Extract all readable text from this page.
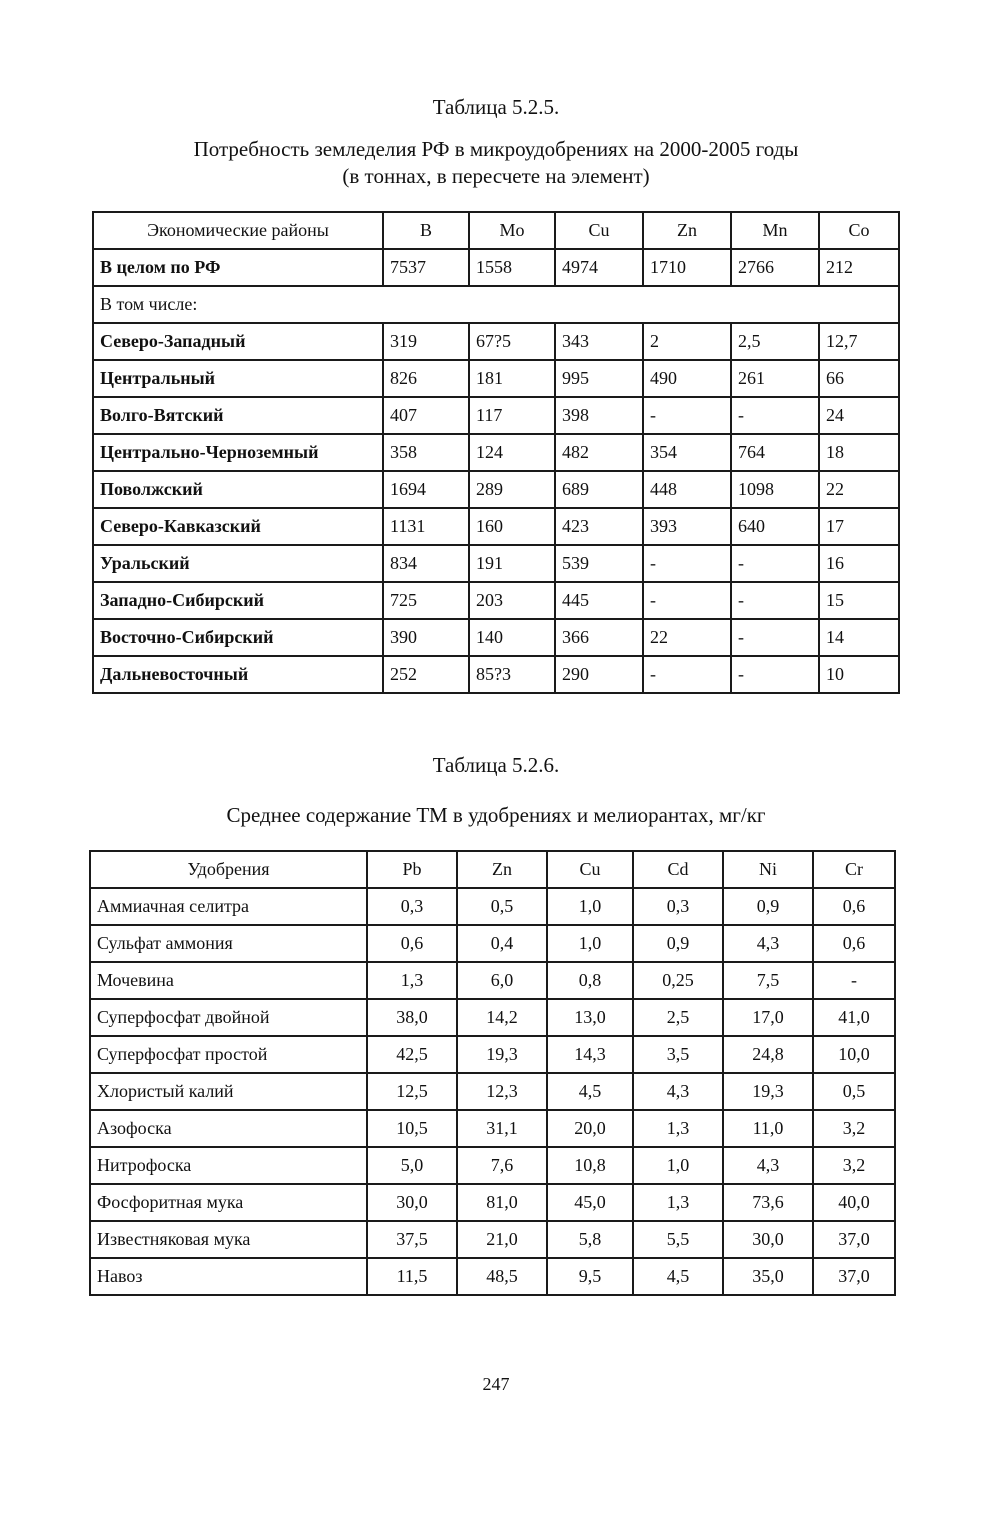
Таблица 5.2.5.
Потребность земледелия РФ в микроудобрениях на 2000-2005 годы
(в тоннах, в пересчете на элемент)
Экономические районы	B	Mo	Cu	Zn	Mn	Co
В целом по РФ	7537	1558	4974	1710	2766	212
В том числе:						
Северо-Западный	319	67?5	343	2	2,5	12,7
Центральный	826	181	995	490	261	66
Волго-Вятский	407	117	398	-	-	24
Центрально-Черноземный	358	124	482	354	764	18
Поволжский	1694	289	689	448	1098	22
Северо-Кавказский	1131	160	423	393	640	17
Уральский	834	191	539	-	-	16
Западно-Сибирский	725	203	445	-	-	15
Восточно-Сибирский	390	140	366	22	-	14
Дальневосточный	252	85?3	290	-	-	10
Таблица 5.2.6.
Среднее содержание ТМ в удобрениях и мелиорантах, мг/кг
Удобрения	Pb	Zn	Cu	Cd	Ni	Cr
Аммиачная селитра	0,3	0,5	1,0	0,3	0,9	0,6
Сульфат аммония	0,6	0,4	1,0	0,9	4,3	0,6
Мочевина	1,3	6,0	0,8	0,25	7,5	-
Суперфосфат двойной	38,0	14,2	13,0	2,5	17,0	41,0
Суперфосфат простой	42,5	19,3	14,3	3,5	24,8	10,0
Хлористый калий	12,5	12,3	4,5	4,3	19,3	0,5
Азофоска	10,5	31,1	20,0	1,3	11,0	3,2
Нитрофоска	5,0	7,6	10,8	1,0	4,3	3,2
Фосфоритная мука	30,0	81,0	45,0	1,3	73,6	40,0
Известняковая мука	37,5	21,0	5,8	5,5	30,0	37,0
Навоз	11,5	48,5	9,5	4,5	35,0	37,0
247
